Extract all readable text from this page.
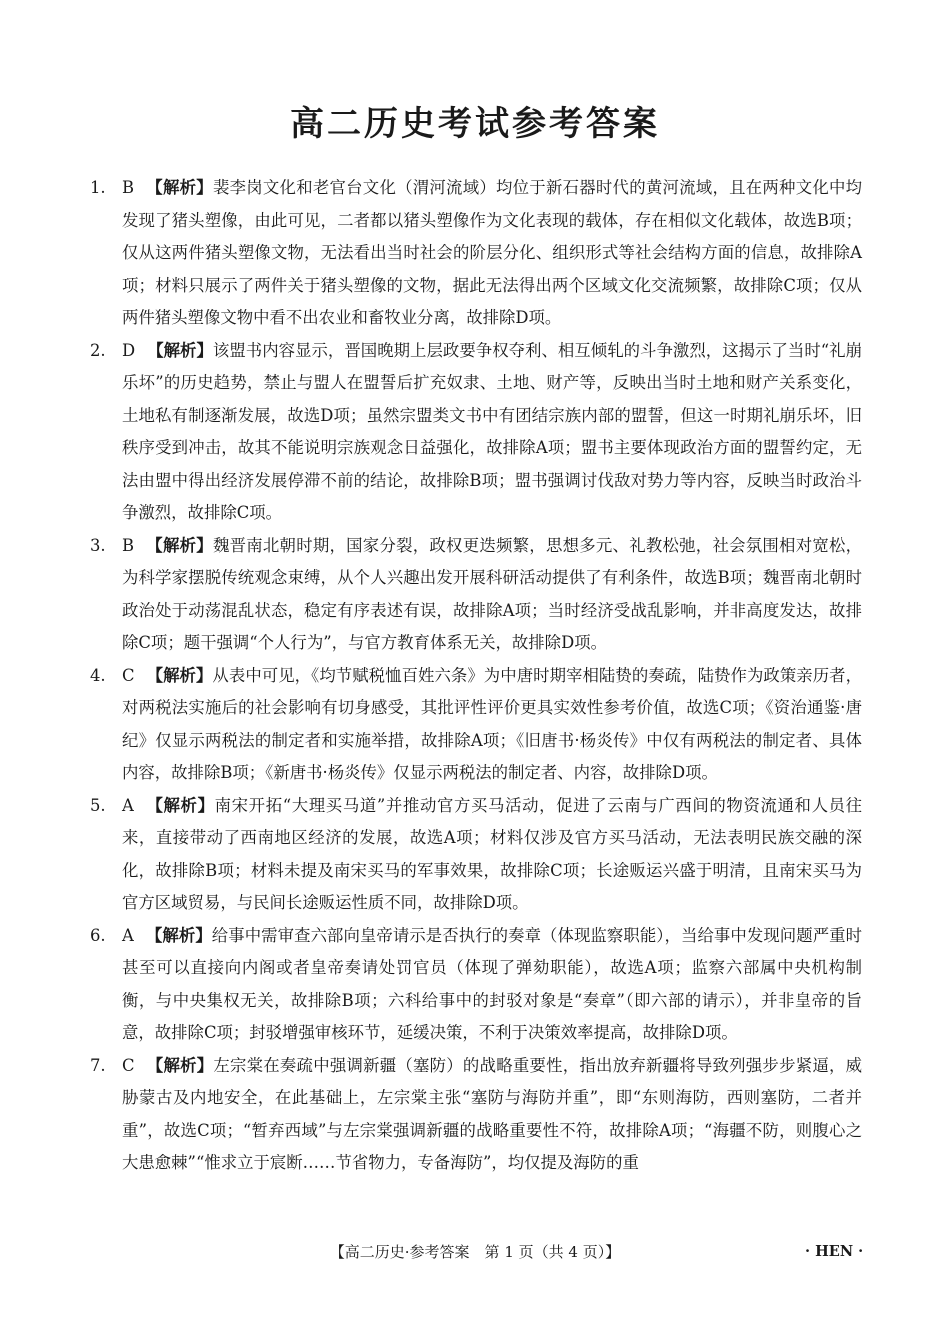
高二历史考试参考答案

1. B 【解析】裴李岗文化和老官台文化（渭河流域）均位于新石器时代的黄河流域，且在两种文化中均发现了猪头塑像，由此可见，二者都以猪头塑像作为文化表现的载体，存在相似文化载体，故选B项；仅从这两件猪头塑像文物，无法看出当时社会的阶层分化、组织形式等社会结构方面的信息，故排除A项；材料只展示了两件关于猪头塑像的文物，据此无法得出两个区域文化交流频繁，故排除C项；仅从两件猪头塑像文物中看不出农业和畜牧业分离，故排除D项。

2. D 【解析】该盟书内容显示，晋国晚期上层政要争权夺利、相互倾轧的斗争激烈，这揭示了当时“礼崩乐坏”的历史趋势，禁止与盟人在盟誓后扩充奴隶、土地、财产等，反映出当时土地和财产关系变化，土地私有制逐渐发展，故选D项；虽然宗盟类文书中有团结宗族内部的盟誓，但这一时期礼崩乐坏，旧秩序受到冲击，故其不能说明宗族观念日益强化，故排除A项；盟书主要体现政治方面的盟誓约定，无法由盟中得出经济发展停滞不前的结论，故排除B项；盟书强调讨伐敌对势力等内容，反映当时政治斗争激烈，故排除C项。

3. B 【解析】魏晋南北朝时期，国家分裂，政权更迭频繁，思想多元、礼教松弛，社会氛围相对宽松，为科学家摆脱传统观念束缚，从个人兴趣出发开展科研活动提供了有利条件，故选B项；魏晋南北朝时政治处于动荡混乱状态，稳定有序表述有误，故排除A项；当时经济受战乱影响，并非高度发达，故排除C项；题干强调“个人行为”，与官方教育体系无关，故排除D项。

4. C 【解析】从表中可见，《均节赋税恤百姓六条》为中唐时期宰相陆贽的奏疏，陆贽作为政策亲历者，对两税法实施后的社会影响有切身感受，其批评性评价更具实效性参考价值，故选C项；《资治通鉴·唐纪》仅显示两税法的制定者和实施举措，故排除A项；《旧唐书·杨炎传》中仅有两税法的制定者、具体内容，故排除B项；《新唐书·杨炎传》仅显示两税法的制定者、内容，故排除D项。

5. A 【解析】南宋开拓“大理买马道”并推动官方买马活动，促进了云南与广西间的物资流通和人员往来，直接带动了西南地区经济的发展，故选A项；材料仅涉及官方买马活动，无法表明民族交融的深化，故排除B项；材料未提及南宋买马的军事效果，故排除C项；长途贩运兴盛于明清，且南宋买马为官方区域贸易，与民间长途贩运性质不同，故排除D项。

6. A 【解析】给事中需审查六部向皇帝请示是否执行的奏章（体现监察职能），当给事中发现问题严重时甚至可以直接向内阁或者皇帝奏请处罚官员（体现了弹劾职能），故选A项；监察六部属中央机构制衡，与中央集权无关，故排除B项；六科给事中的封驳对象是“奏章”（即六部的请示），并非皇帝的旨意，故排除C项；封驳增强审核环节，延缓决策，不利于决策效率提高，故排除D项。

7. C 【解析】左宗棠在奏疏中强调新疆（塞防）的战略重要性，指出放弃新疆将导致列强步步紧逼，威胁蒙古及内地安全，在此基础上，左宗棠主张“塞防与海防并重”，即“东则海防，西则塞防，二者并重”，故选C项；“暂弃西域”与左宗棠强调新疆的战略重要性不符，故排除A项；“海疆不防，则腹心之大患愈棘”“惟求立于宸断……节省物力，专备海防”，均仅提及海防的重

【高二历史·参考答案　第 1 页（共 4 页）】	· HEN ·
